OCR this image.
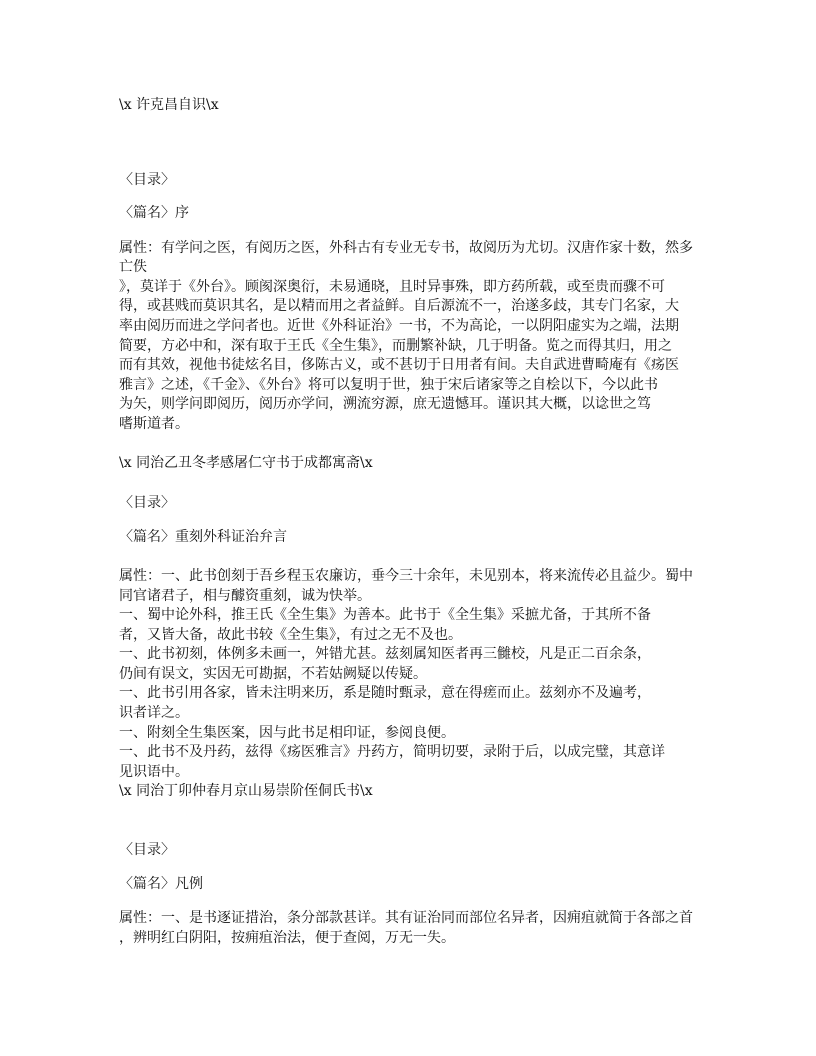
\x 许克昌自识\x
〈目录〉
〈篇名〉序
属性：有学问之医，有阅历之医，外科古有专业无专书，故阅历为尤切。汉唐作家十数，然多
亡佚
》，莫详于《外台》。顾阂深奥衍，未易通晓，且时异事殊，即方药所载，或至贵而骤不可
得，或甚贱而莫识其名，是以精而用之者益鲜。自后源流不一，治遂多歧，其专门名家，大
率由阅历而进之学问者也。近世《外科证治》一书，不为高论，一以阴阳虚实为之端，法期
简要，方必中和，深有取于王氏《全生集》，而删繁补缺，几于明备。览之而得其归，用之
而有其效，视他书徒炫名目，侈陈古义，或不甚切于日用者有间。夫自武进曹畸庵有《疡医
雅言》之述，《千金》、《外台》将可以复明于世，独于宋后诸家等之自桧以下，今以此书
为矢，则学问即阅历，阅历亦学问，溯流穷源，庶无遗憾耳。谨识其大概，以谂世之笃
嗜斯道者。
\x 同治乙丑冬孝感屠仁守书于成都寓斋\x
〈目录〉
〈篇名〉重刻外科证治弁言
属性：一、此书创刻于吾乡程玉农廉访，垂今三十余年，未见别本，将来流传必且益少。蜀中
同官诸君子，相与醵资重刻，诚为快举。
一、蜀中论外科，推王氏《全生集》为善本。此书于《全生集》采摭尤备，于其所不备
者，又皆大备，故此书较《全生集》，有过之无不及也。
一、此书初刻，体例多未画一，舛错尤甚。兹刻属知医者再三雠校，凡是正二百余条，
仍间有误文，实因无可勘据，不若姑阙疑以传疑。
一、此书引用各家，皆未注明来历，系是随时甄录，意在得瘥而止。兹刻亦不及遍考，
识者详之。
一、附刻全生集医案，因与此书足相印证，参阅良便。
一、此书不及丹药，兹得《疡医雅言》丹药方，简明切要，录附于后，以成完璧，其意详
见识语中。
\x 同治丁卯仲春月京山易崇阶侄侗氏书\x
〈目录〉
〈篇名〉凡例
属性：一、是书逐证措治，条分部款甚详。其有证治同而部位名异者，因痈疽就简于各部之首
，辨明红白阴阳，按痈疽治法，便于查阅，万无一失。
